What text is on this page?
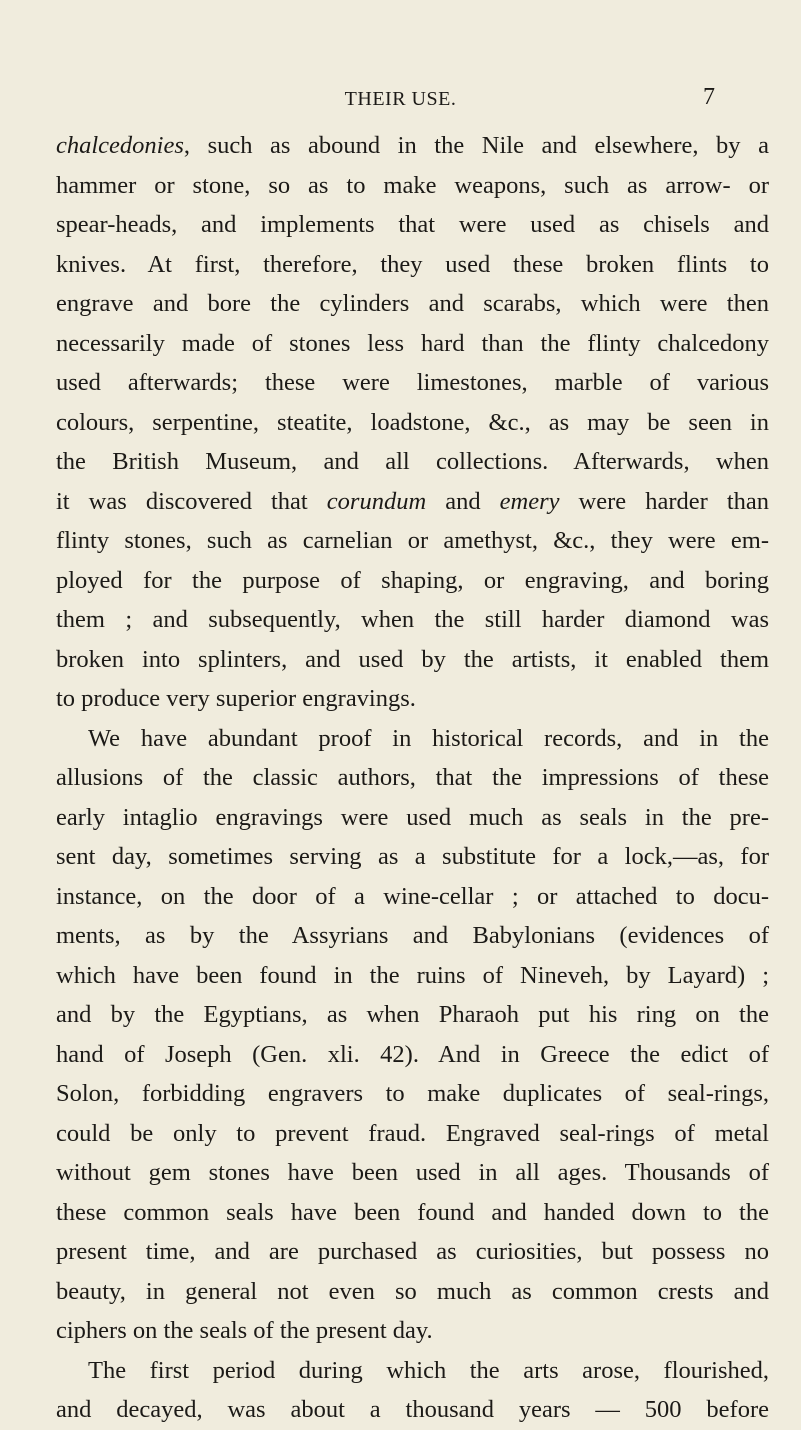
THEIR USE.	7
chalcedonies, such as abound in the Nile and elsewhere, by a
hammer or stone, so as to make weapons, such as arrow- or
spear-heads, and implements that were used as chisels and
knives. At first, therefore, they used these broken flints to
engrave and bore the cylinders and scarabs, which were then
necessarily made of stones less hard than the flinty chalcedony
used afterwards; these were limestones, marble of various
colours, serpentine, steatite, loadstone, &c., as may be seen in
the British Museum, and all collections. Afterwards, when
it was discovered that corundum and emery were harder than
flinty stones, such as carnelian or amethyst, &c., they were em-
ployed for the purpose of shaping, or engraving, and boring
them ; and subsequently, when the still harder diamond was
broken into splinters, and used by the artists, it enabled them
to produce very superior engravings.
We have abundant proof in historical records, and in the
allusions of the classic authors, that the impressions of these
early intaglio engravings were used much as seals in the pre-
sent day, sometimes serving as a substitute for a lock,—as, for
instance, on the door of a wine-cellar ; or attached to docu-
ments, as by the Assyrians and Babylonians (evidences of
which have been found in the ruins of Nineveh, by Layard) ;
and by the Egyptians, as when Pharaoh put his ring on the
hand of Joseph (Gen. xli. 42). And in Greece the edict of
Solon, forbidding engravers to make duplicates of seal-rings,
could be only to prevent fraud. Engraved seal-rings of metal
without gem stones have been used in all ages. Thousands of
these common seals have been found and handed down to the
present time, and are purchased as curiosities, but possess no
beauty, in general not even so much as common crests and
ciphers on the seals of the present day.
The first period during which the arts arose, flourished,
and decayed, was about a thousand years — 500 before
